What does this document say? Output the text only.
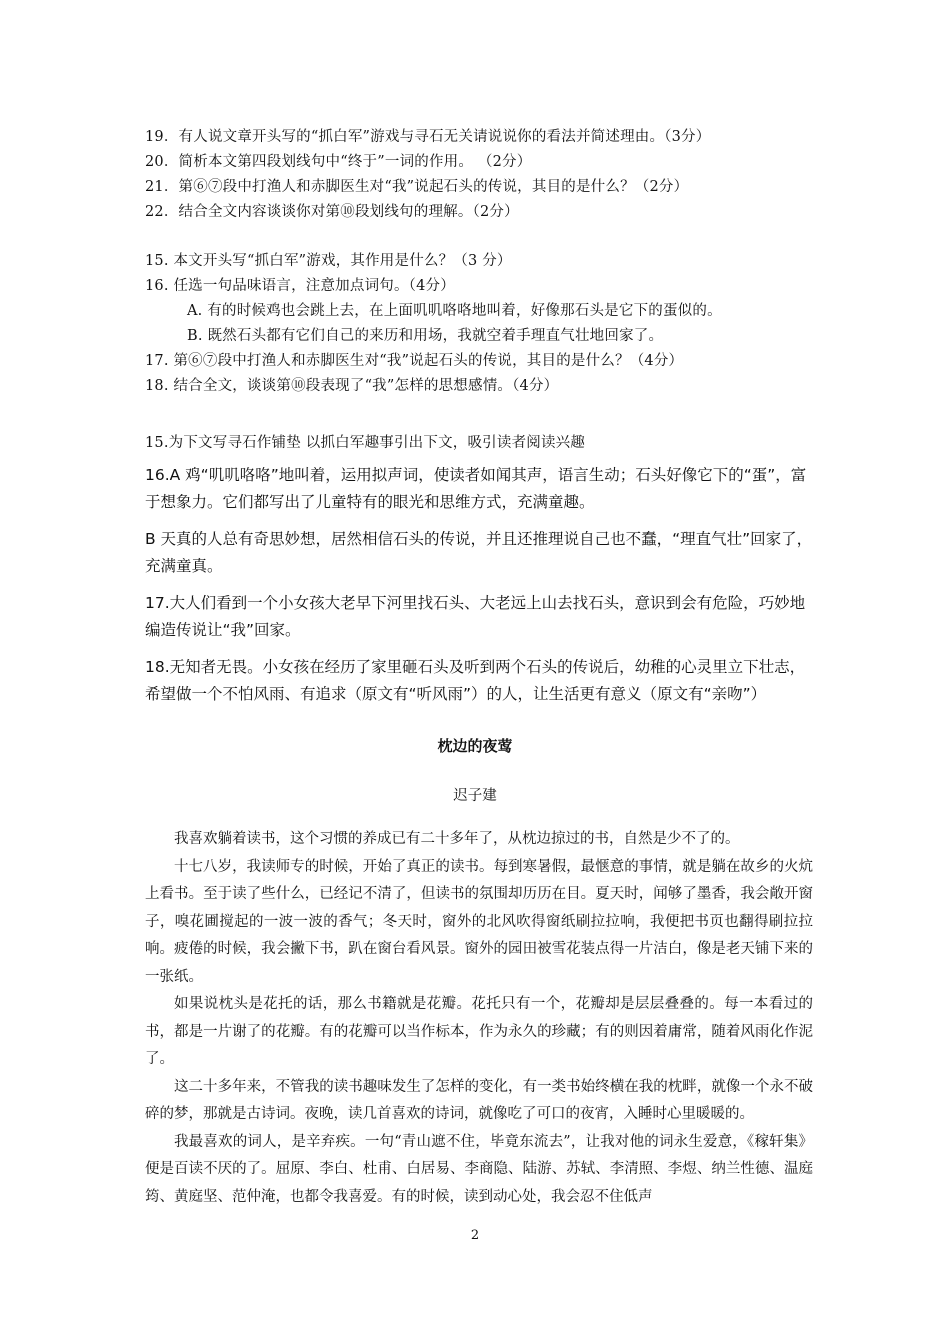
19．有人说文章开头写的“抓白军”游戏与寻石无关请说说你的看法并简述理由。（3分）
20．简析本文第四段划线句中“终于”一词的作用。 （2分）
21．第⑥⑦段中打渔人和赤脚医生对“我”说起石头的传说，其目的是什么？（2分）
22．结合全文内容谈谈你对第⑩段划线句的理解。（2分）
15. 本文开头写“抓白军”游戏，其作用是什么？（3 分）
16. 任选一句品味语言，注意加点词句。（4分）
A. 有的时候鸡也会跳上去，在上面叽叽咯咯地叫着，好像那石头是它下的蛋似的。
B. 既然石头都有它们自己的来历和用场，我就空着手理直气壮地回家了。
17. 第⑥⑦段中打渔人和赤脚医生对“我”说起石头的传说，其目的是什么？（4分）
18. 结合全文，谈谈第⑩段表现了“我”怎样的思想感情。（4分）
15.为下文写寻石作铺垫 以抓白军趣事引出下文，吸引读者阅读兴趣

16.A 鸡“叽叽咯咯”地叫着，运用拟声词，使读者如闻其声，语言生动；石头好像它下的“蛋”，富于想象力。它们都写出了儿童特有的眼光和思维方式，充满童趣。

B 天真的人总有奇思妙想，居然相信石头的传说，并且还推理说自己也不蠢，“理直气壮”回家了，充满童真。

17.大人们看到一个小女孩大老早下河里找石头、大老远上山去找石头，意识到会有危险，巧妙地编造传说让“我”回家。

18.无知者无畏。小女孩在经历了家里砸石头及听到两个石头的传说后，幼稚的心灵里立下壮志，希望做一个不怕风雨、有追求（原文有“听风雨”）的人，让生活更有意义（原文有“亲吻”）

枕边的夜莺
迟子建

我喜欢躺着读书，这个习惯的养成已有二十多年了，从枕边掠过的书，自然是少不了的。

十七八岁，我读师专的时候，开始了真正的读书。每到寒暑假，最惬意的事情，就是躺在故乡的火炕上看书。至于读了些什么，已经记不清了，但读书的氛围却历历在目。夏天时，闻够了墨香，我会敞开窗子，嗅花圃搅起的一波一波的香气；冬天时，窗外的北风吹得窗纸刷拉拉响，我便把书页也翻得刷拉拉响。疲倦的时候，我会撇下书，趴在窗台看风景。窗外的园田被雪花装点得一片洁白，像是老天铺下来的一张纸。

如果说枕头是花托的话，那么书籍就是花瓣。花托只有一个，花瓣却是层层叠叠的。每一本看过的书，都是一片谢了的花瓣。有的花瓣可以当作标本，作为永久的珍藏；有的则因着庸常，随着风雨化作泥了。

这二十多年来，不管我的读书趣味发生了怎样的变化，有一类书始终横在我的枕畔，就像一个永不破碎的梦，那就是古诗词。夜晚，读几首喜欢的诗词，就像吃了可口的夜宵，入睡时心里暖暖的。

我最喜欢的词人，是辛弃疾。一句“青山遮不住，毕竟东流去”，让我对他的词永生爱意，《稼轩集》便是百读不厌的了。屈原、李白、杜甫、白居易、李商隐、陆游、苏轼、李清照、李煜、纳兰性德、温庭筠、黄庭坚、范仲淹，也都令我喜爱。有的时候，读到动心处，我会忍不住低声

2
